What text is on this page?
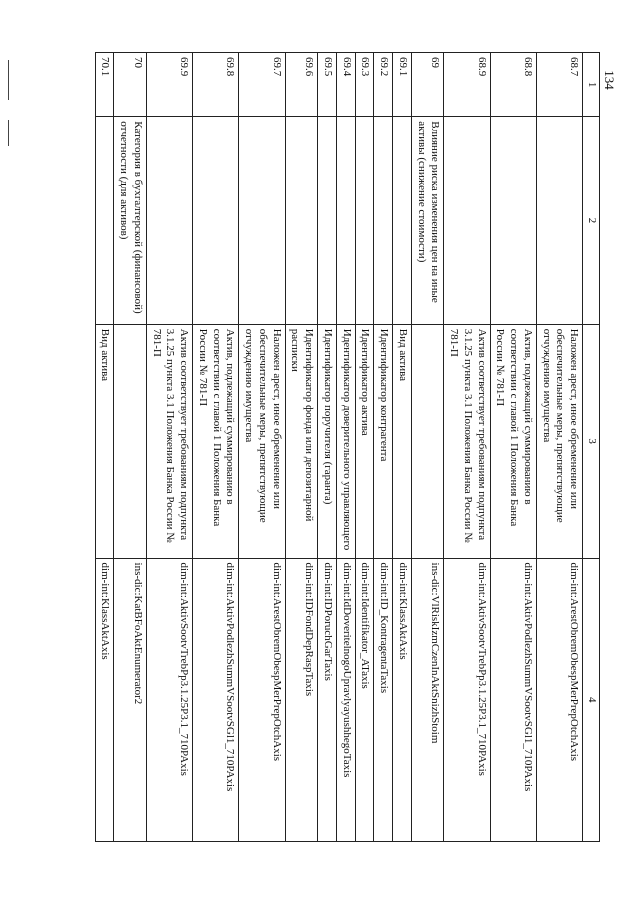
134
1	2	3	4
68.7		Наложен арест, иное обременение или обеспечительные меры, препятствующие отчуждению имущества	dim-int:ArestObremObespMerPrepOtchAxis
68.8		Актив, подлежащий суммированию в соответствии с главой 1 Положения Банка России № 781-П	dim-int:AktivPodlezhSummVSootvSGl1_710PAxis
68.9		Актив соответствует требованиям подпункта 3.1.25 пункта 3.1 Положения Банка России № 781-П	dim-int:AktivSootvTrebPp3.1.25P3.1_710PAxis
69	Влияние риска изменения цен на иные активы (снижение стоимости)		ins-dic:VlRiskIzmCzenInAktSnizhStoim
69.1		Вид актива	dim-int:KlassAktAxis
69.2		Идентификатор контрагента	dim-int:ID_KontragentaTaxis
69.3		Идентификатор актива	dim-int:Identifikator_ATaxis
69.4		Идентификатор доверительного управляющего	dim-int:IdDoveritelnogoUpravlyayushhegoTaxis
69.5		Идентификатор поручителя (гаранта)	dim-int:IDPoruchGarTaxis
69.6		Идентификатор фонда или депозитарной расписки	dim-int:IDFondDepRaspTaxis
69.7		Наложен арест, иное обременение или обеспечительные меры, препятствующие отчуждению имущества	dim-int:ArestObremObespMerPrepOtchAxis
69.8		Актив, подлежащий суммированию в соответствии с главой 1 Положения Банка России № 781-П	dim-int:AktivPodlezhSummVSootvSGl1_710PAxis
69.9		Актив соответствует требованиям подпункта 3.1.25 пункта 3.1 Положения Банка России № 781-П	dim-int:AktivSootvTrebPp3.1.25P3.1_710PAxis
70	Категория в бухгалтерской (финансовой) отчетности (для активов)		ins-dic:KatBFoAktEnumerator2
70.1		Вид актива	dim-int:KlassAktAxis
